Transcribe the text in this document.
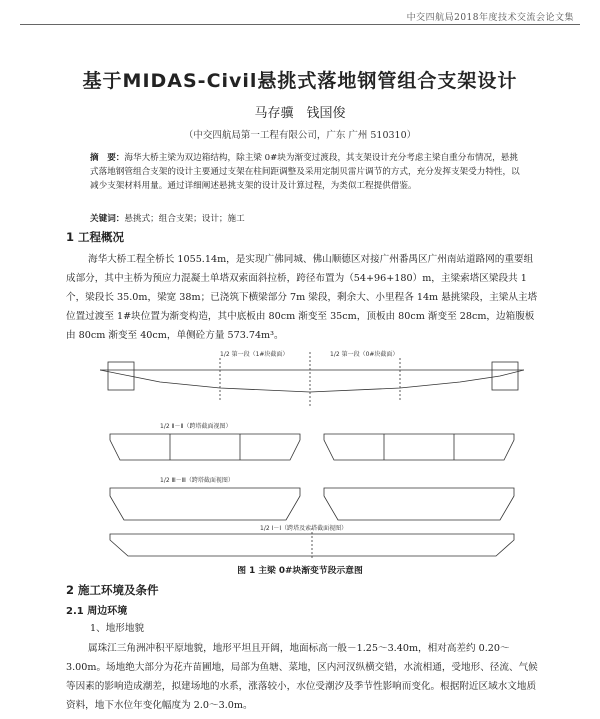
中交四航局2018年度技术交流会论文集
基于MIDAS-Civil悬挑式落地钢管组合支架设计
马存骥　钱国俊
（中交四航局第一工程有限公司，广东 广州 510310）
摘　要：海华大桥主梁为双边箱结构，除主梁 0#块为渐变过渡段，其支架设计充分考虑主梁自重分布情况，悬挑式落地钢管组合支架的设计主要通过支架在柱间距调整及采用定制贝雷片调节的方式，充分发挥支架受力特性，以减少支架材料用量。通过详细阐述悬挑支架的设计及计算过程，为类似工程提供借鉴。
关键词：悬挑式；组合支架；设计；施工
1 工程概况

海华大桥工程全桥长 1055.14m，是实现广佛同城、佛山顺德区对接广州番禺区广州南站道路网的重要组成部分，其中主桥为预应力混凝土单塔双索面斜拉桥，跨径布置为（54+96+180）m，主梁索塔区梁段共 1 个，梁段长 35.0m，梁宽 38m；已浇筑下横梁部分 7m 梁段，剩余大、小里程各 14m 悬挑梁段，主梁从主塔位置过渡至 1#块位置为渐变构造，其中底板由 80cm 渐变至 35cm，顶板由 80cm 渐变至 28cm，边箱腹板由 80cm 渐变至 40cm，单侧砼方量 573.74m³。

1/2 第一段（1#块截面）	1/2 第一段（0#块截面）
1/2 Ⅱ－Ⅱ（跨塔截面视图）
1/2 Ⅲ－Ⅲ（跨塔截面视图）
1/2 Ⅰ－Ⅰ（跨塔及索塔截面视图）
图 1 主梁 0#块渐变节段示意图
2 施工环境及条件
2.1 周边环境
1、地形地貌

属珠江三角洲冲积平原地貌，地形平坦且开阔，地面标高一般－1.25～3.40m，相对高差约 0.20～3.00m。场地绝大部分为花卉苗圃地，局部为鱼塘、菜地，区内河汊纵横交错，水流相通，受地形、径流、气候等因素的影响造成潮差，拟建场地的水系，涨落较小，水位受潮汐及季节性影响而变化。根据附近区域水文地质资料，地下水位年变化幅度为 2.0～3.0m。
